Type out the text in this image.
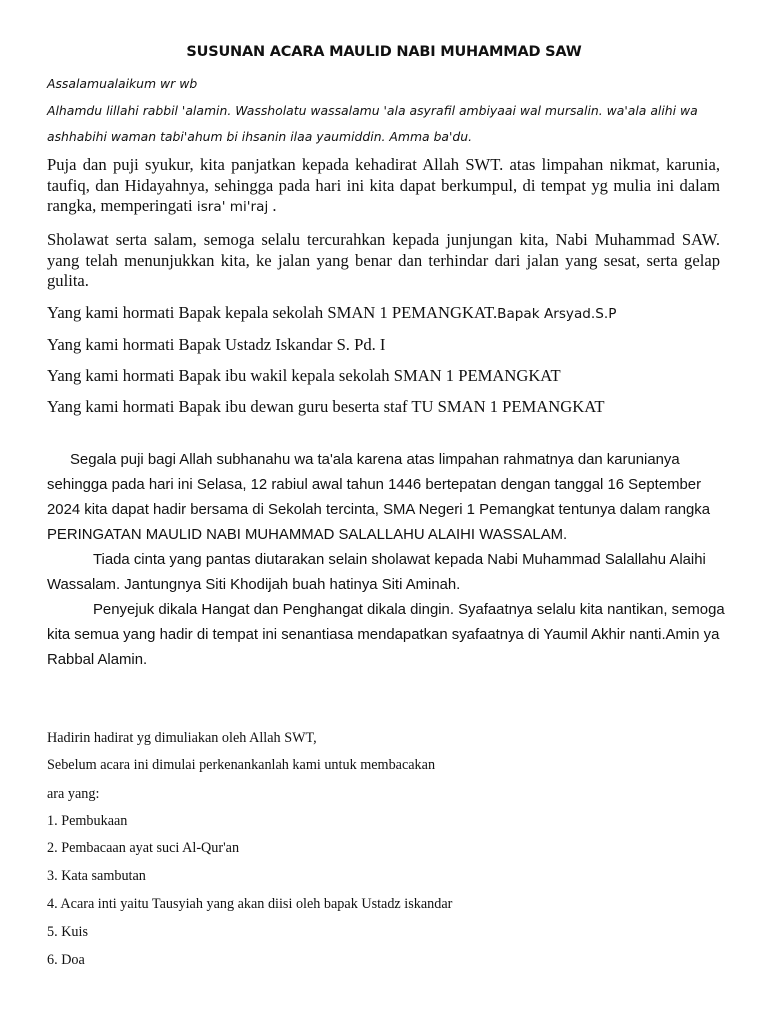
SUSUNAN ACARA MAULID NABI MUHAMMAD SAW
Assalamualaikum wr wb
Alhamdu lillahi rabbil 'alamin. Wassholatu wassalamu 'ala asyrafil ambiyaai wal mursalin. wa'ala alihi wa
ashhabihi waman tabi'ahum bi ihsanin ilaa yaumiddin. Amma ba'du.
Puja dan puji syukur, kita panjatkan kepada kehadirat Allah SWT. atas limpahan nikmat, karunia, taufiq, dan Hidayahnya, sehingga pada hari ini kita dapat berkumpul, di tempat yg mulia ini dalam rangka, memperingati isra' mi'raj .
Sholawat serta salam, semoga selalu tercurahkan kepada junjungan kita, Nabi Muhammad SAW. yang telah menunjukkan kita, ke jalan yang benar dan terhindar dari jalan yang sesat, serta gelap gulita.
Yang kami hormati Bapak kepala sekolah SMAN 1 PEMANGKAT.Bapak Arsyad.S.P
Yang kami hormati Bapak Ustadz Iskandar S. Pd. I
Yang kami hormati Bapak ibu wakil kepala sekolah SMAN 1 PEMANGKAT
Yang kami hormati Bapak ibu dewan guru beserta staf TU SMAN 1 PEMANGKAT

Segala puji bagi Allah subhanahu wa ta'ala karena atas limpahan rahmatnya dan karunianya sehingga pada hari ini Selasa, 12 rabiul awal tahun 1446 bertepatan dengan tanggal 16 September 2024 kita dapat hadir bersama di Sekolah tercinta, SMA Negeri 1 Pemangkat tentunya dalam rangka PERINGATAN MAULID NABI MUHAMMAD SALALLAHU ALAIHI WASSALAM.

Tiada cinta yang pantas diutarakan selain sholawat kepada Nabi Muhammad Salallahu Alaihi Wassalam. Jantungnya Siti Khodijah buah hatinya Siti Aminah.

Penyejuk dikala Hangat dan Penghangat dikala dingin. Syafaatnya selalu kita nantikan, semoga kita semua yang hadir di tempat ini senantiasa mendapatkan syafaatnya di Yaumil Akhir nanti.Amin ya Rabbal Alamin.

Hadirin hadirat yg dimuliakan oleh Allah SWT,
Sebelum acara ini dimulai perkenankanlah kami untuk membacakan
ara yang:
1. Pembukaan
2. Pembacaan ayat suci Al-Qur'an
3. Kata sambutan
4. Acara inti yaitu Tausyiah yang akan diisi oleh bapak Ustadz iskandar
5. Kuis
6. Doa
